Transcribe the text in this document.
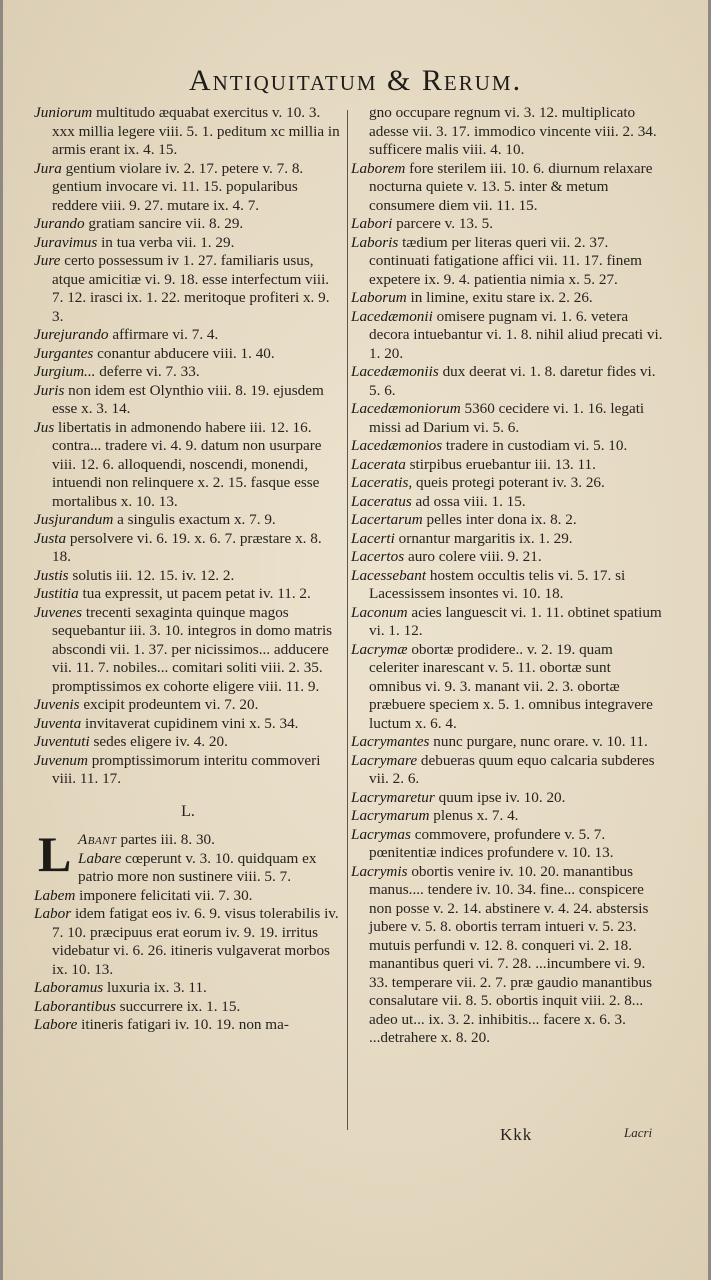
Antiquitatum & Rerum.

Juniorum multitudo æquabat exercitus v. 10. 3. xxx millia legere viii. 5. 1. peditum xc millia in armis erant ix. 4. 15.

Jura gentium violare iv. 2. 17. petere v. 7. 8. gentium invocare vi. 11. 15. popularibus reddere viii. 9. 27. mutare ix. 4. 7.

Jurando gratiam sancire vii. 8. 29.

Juravimus in tua verba vii. 1. 29.

Jure certo possessum iv 1. 27. familiaris usus, atque amicitiæ vi. 9. 18. esse interfectum viii. 7. 12. irasci ix. 1. 22. meritoque profiteri x. 9. 3.

Jurejurando affirmare vi. 7. 4.

Jurgantes conantur abducere viii. 1. 40.

Jurgium... deferre vi. 7. 33.

Juris non idem est Olynthio viii. 8. 19. ejusdem esse x. 3. 14.

Jus libertatis in admonendo habere iii. 12. 16. contra... tradere vi. 4. 9. datum non usurpare viii. 12. 6. alloquendi, noscendi, monendi, intuendi non relinquere x. 2. 15. fasque esse mortalibus x. 10. 13.

Jusjurandum a singulis exactum x. 7. 9.

Justa persolvere vi. 6. 19. x. 6. 7. præstare x. 8. 18.

Justis solutis iii. 12. 15. iv. 12. 2.

Justitia tua expressit, ut pacem petat iv. 11. 2.

Juvenes trecenti sexaginta quinque magos sequebantur iii. 3. 10. integros in domo matris abscondi vii. 1. 37. per nicissimos... adducere vii. 11. 7. nobiles... comitari soliti viii. 2. 35. promptissimos ex cohorte eligere viii. 11. 9.

Juvenis excipit prodeuntem vi. 7. 20.

Juventa invitaverat cupidinem vini x. 5. 34.

Juventuti sedes eligere iv. 4. 20.

Juvenum promptissimorum interitu commoveri viii. 11. 17.

L.

L Abant partes iii. 8. 30.

Labare cœperunt v. 3. 10. quidquam ex patrio more non sustinere viii. 5. 7.

Labem imponere felicitati vii. 7. 30.

Labor idem fatigat eos iv. 6. 9. visus tolerabilis iv. 7. 10. præcipuus erat eorum iv. 9. 19. irritus videbatur vi. 6. 26. itineris vulgaverat morbos ix. 10. 13.

Laboramus luxuria ix. 3. 11.

Laborantibus succurrere ix. 1. 15.

Labore itineris fatigari iv. 10. 19. non ma-

gno occupare regnum vi. 3. 12. multiplicato adesse vii. 3. 17. immodico vincente viii. 2. 34. sufficere malis viii. 4. 10.

Laborem fore sterilem iii. 10. 6. diurnum relaxare nocturna quiete v. 13. 5. inter & metum consumere diem vii. 11. 15.

Labori parcere v. 13. 5.

Laboris tædium per literas queri vii. 2. 37. continuati fatigatione affici vii. 11. 17. finem expetere ix. 9. 4. patientia nimia x. 5. 27.

Laborum in limine, exitu stare ix. 2. 26.

Lacedæmonii omisere pugnam vi. 1. 6. vetera decora intuebantur vi. 1. 8. nihil aliud precati vi. 1. 20.

Lacedæmoniis dux deerat vi. 1. 8. daretur fides vi. 5. 6.

Lacedæmoniorum 5360 cecidere vi. 1. 16. legati missi ad Darium vi. 5. 6.

Lacedæmonios tradere in custodiam vi. 5. 10.

Lacerata stirpibus eruebantur iii. 13. 11.

Laceratis, queis protegi poterant iv. 3. 26.

Laceratus ad ossa viii. 1. 15.

Lacertarum pelles inter dona ix. 8. 2.

Lacerti ornantur margaritis ix. 1. 29.

Lacertos auro colere viii. 9. 21.

Lacessebant hostem occultis telis vi. 5. 17. si Lacessissem insontes vi. 10. 18.

Laconum acies languescit vi. 1. 11. obtinet spatium vi. 1. 12.

Lacrymæ obortæ prodidere.. v. 2. 19. quam celeriter inarescant v. 5. 11. obortæ sunt omnibus vi. 9. 3. manant vii. 2. 3. obortæ præbuere speciem x. 5. 1. omnibus integravere luctum x. 6. 4.

Lacrymantes nunc purgare, nunc orare. v. 10. 11.

Lacrymare debueras quum equo calcaria subderes vii. 2. 6.

Lacrymaretur quum ipse iv. 10. 20.

Lacrymarum plenus x. 7. 4.

Lacrymas commovere, profundere v. 5. 7. pœnitentiæ indices profundere v. 10. 13.

Lacrymis obortis venire iv. 10. 20. manantibus manus.... tendere iv. 10. 34. fine... conspicere non posse v. 2. 14. abstinere v. 4. 24. abstersis jubere v. 5. 8. obortis terram intueri v. 5. 23. mutuis perfundi v. 12. 8. conqueri vi. 2. 18. manantibus queri vi. 7. 28. ...incumbere vi. 9. 33. temperare vii. 2. 7. præ gaudio manantibus consalutare vii. 8. 5. obortis inquit viii. 2. 8... adeo ut... ix. 3. 2. inhibitis... facere x. 6. 3. ...detrahere x. 8. 20.

Kkk	Lacri
